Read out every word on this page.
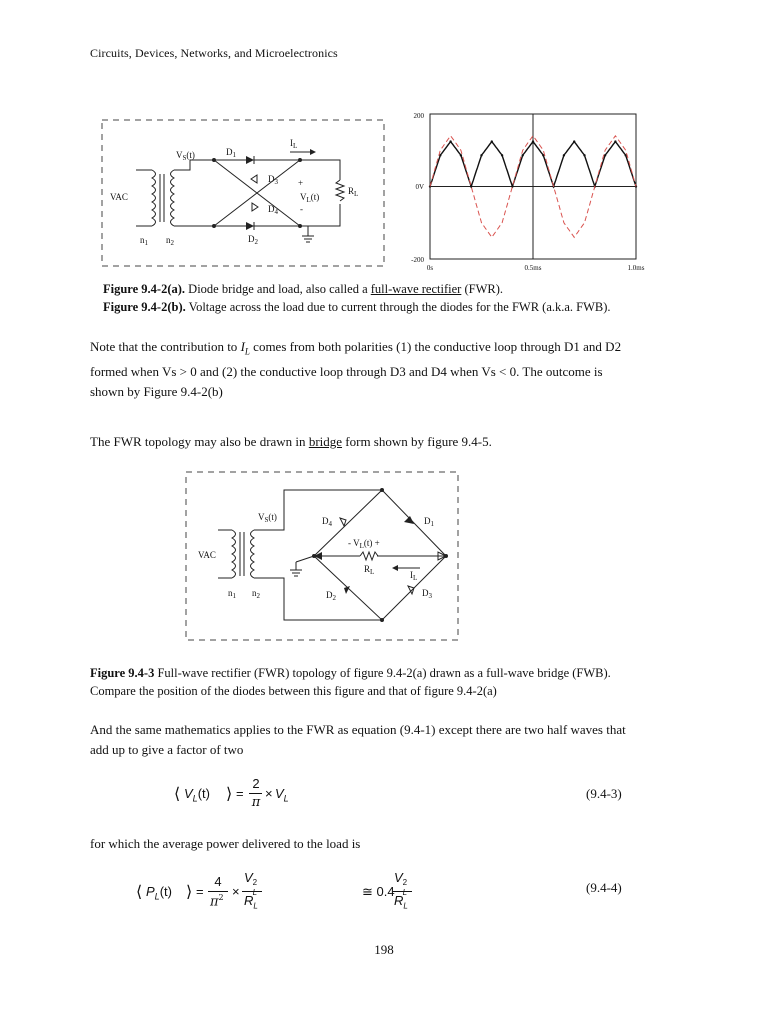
Circuits, Devices, Networks, and Microelectronics
$V_S(t)$	$D_1$
$D_3$
$D_4$
$D_2$
$I_L$
+
$V_L(t)$
-
$R_L$
VAC
$n_1$ $n_2$
200
0V
-200
0s	0.5ms	1.0ms
Figure 9.4-2(a). Diode bridge and load, also called a full-wave rectifier (FWR).
Figure 9.4-2(b). Voltage across the load due to current through the diodes for the FWR (a.k.a. FWB).
Note that the contribution to $I_L$ comes from both polarities (1) the conductive loop through D1 and D2
formed when Vs > 0 and (2) the conductive loop through D3 and D4 when Vs < 0. The outcome is
shown by Figure 9.4-2(b)
The FWR topology may also be drawn in bridge form shown by figure 9.4-5.
$V_S(t)$	$D_4$	$D_1$
$D_2$	$D_3$
- $V_L(t)$ +
$R_L$	$I_L$
VAC
$n_1$ $n_2$
Figure 9.4-3 Full-wave rectifier (FWR) topology of figure 9.4-2(a) drawn as a full-wave bridge (FWB).
Compare the position of the diodes between this figure and that of figure 9.4-2(a)
And the same mathematics applies to the FWR as equation (9.4-1) except there are two half waves that
add up to give a factor of two
⟨ $V_L(t)$ ⟩ =
2
π
× $V_L$	(9.4-3)
for which the average power delivered to the load is
⟨ $P_L(t)$ ⟩ =
4
$\pi^2$ ×
V 2
L
$R_L$
≅ 0.4
V 2
L
$R_L$
(9.4-4)
198
